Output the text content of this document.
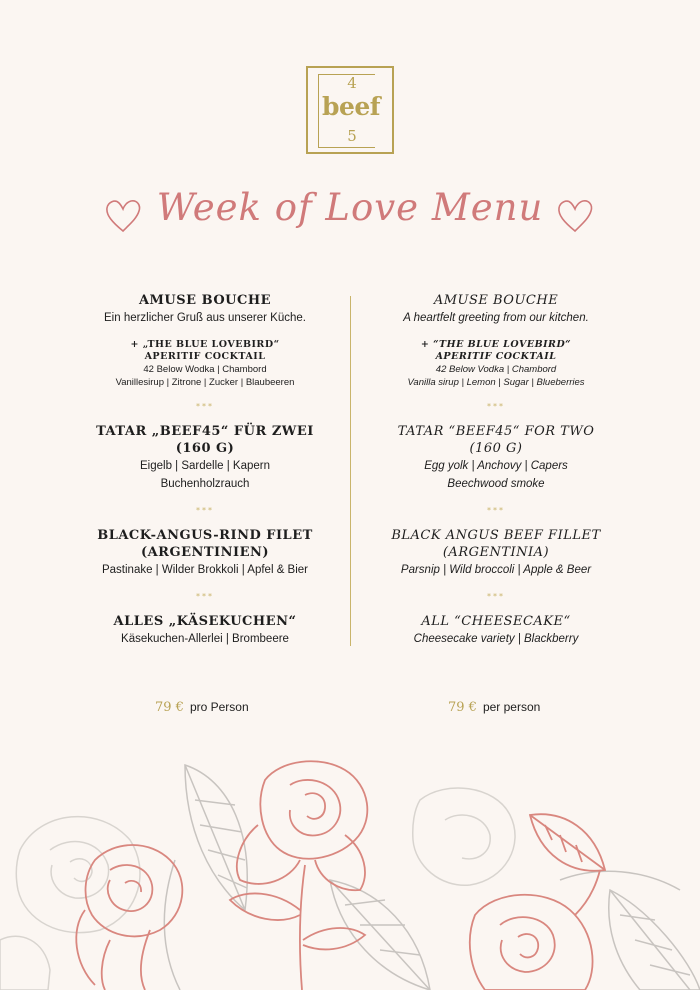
4
beef
5
Week of Love Menu
AMUSE BOUCHE
Ein herzlicher Gruß aus unserer Küche.
+ „THE BLUE LOVEBIRD“
APERITIF COCKTAIL
42 Below Wodka | Chambord
Vanillesirup | Zitrone | Zucker | Blaubeeren
***
TATAR „BEEF45“ FÜR ZWEI
(160 G)
Eigelb | Sardelle | Kapern
Buchenholzrauch
***
BLACK-ANGUS-RIND FILET
(ARGENTINIEN)
Pastinake | Wilder Brokkoli | Apfel & Bier
***
ALLES „KÄSEKUCHEN“
Käsekuchen-Allerlei | Brombeere
AMUSE BOUCHE
A heartfelt greeting from our kitchen.
+ “THE BLUE LOVEBIRD“
APERITIF COCKTAIL
42 Below Vodka | Chambord
Vanilla sirup | Lemon | Sugar | Blueberries
***
TATAR “BEEF45“ FOR TWO
(160 G)
Egg yolk | Anchovy | Capers
Beechwood smoke
***
BLACK ANGUS BEEF FILLET
(ARGENTINIA)
Parsnip | Wild broccoli | Apple & Beer
***
ALL “CHEESECAKE“
Cheesecake variety | Blackberry
79 € pro Person	79 € per person
